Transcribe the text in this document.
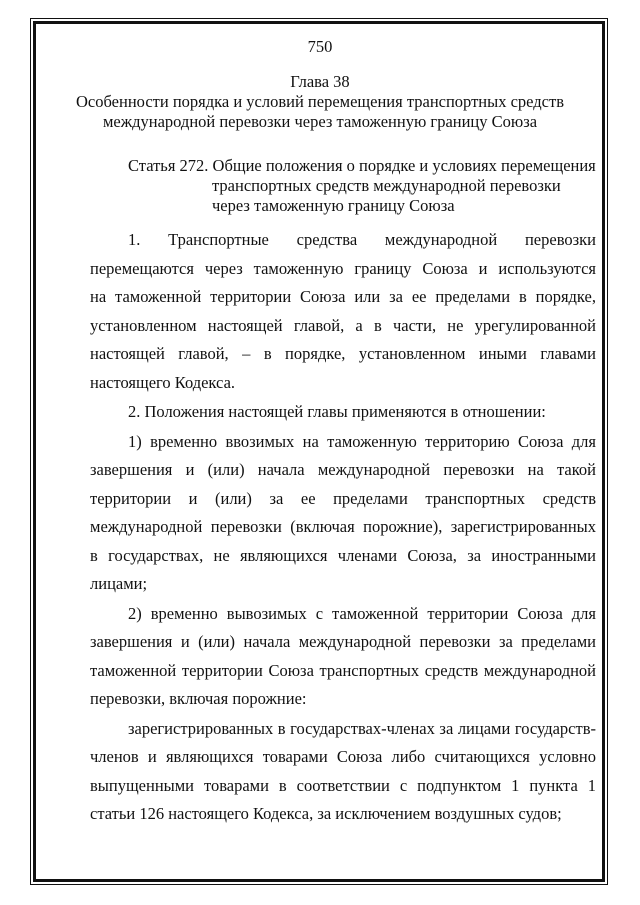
750
Глава 38
Особенности порядка и условий перемещения транспортных средств
международной перевозки через таможенную границу Союза
Статья 272. Общие положения о порядке и условиях перемещения
транспортных средств международной перевозки
через таможенную границу Союза
1. Транспортные средства международной перевозки
перемещаются через таможенную границу Союза и используются
на таможенной территории Союза или за ее пределами в порядке,
установленном настоящей главой, а в части, не урегулированной
настоящей главой, – в порядке, установленном иными главами
настоящего Кодекса.
2. Положения настоящей главы применяются в отношении:
1) временно ввозимых на таможенную территорию Союза для
завершения и (или) начала международной перевозки на такой
территории и (или) за ее пределами транспортных средств
международной перевозки (включая порожние), зарегистрированных
в государствах, не являющихся членами Союза, за иностранными
лицами;
2) временно вывозимых с таможенной территории Союза для
завершения и (или) начала международной перевозки за пределами
таможенной территории Союза транспортных средств международной
перевозки, включая порожние:
зарегистрированных в государствах-членах за лицами государств-
членов и являющихся товарами Союза либо считающихся условно
выпущенными товарами в соответствии с подпунктом 1 пункта 1
статьи 126 настоящего Кодекса, за исключением воздушных судов;
